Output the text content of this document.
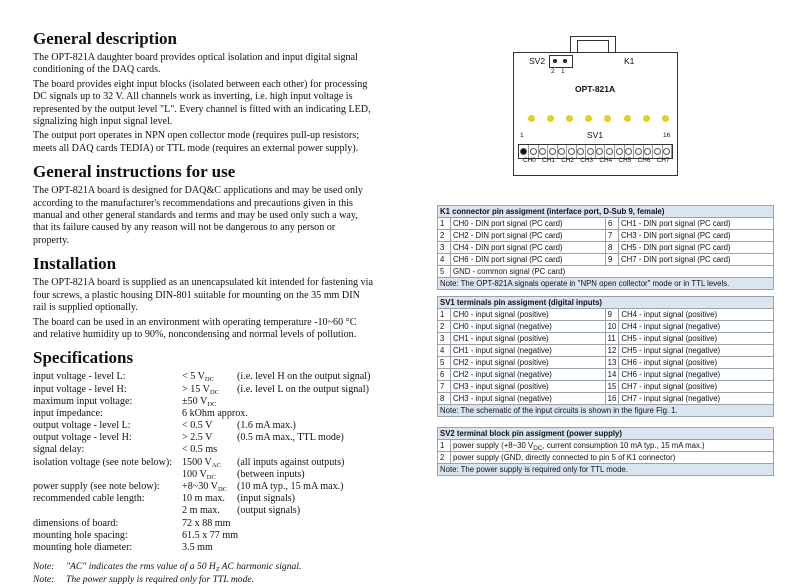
General description

The OPT-821A daughter board provides optical isolation and input digital signal conditioning of the DAQ cards.

The board provides eight input blocks (isolated between each other) for processing DC signals up to 32 V. All channels work as inverting, i.e. high input voltage is represented by the output level "L". Every channel is fitted with an indicating LED, signalizing high input signal level.

The output port operates in NPN open collector mode (requires pull-up resistors; meets all DAQ cards TEDIA) or TTL mode (requires an external power supply).

General instructions for use

The OPT-821A board is designed for DAQ&C applications and may be used only according to the manufacturer's recommendations and precautions given in this manual and other general standards and terms and may be used only such a way, that its failure caused by any reason will not be dangerous to any person or property.

Installation

The OPT-821A board is supplied as an unencapsulated kit intended for fastening via four screws, a plastic housing DIN-801 suitable for mounting on the 35 mm DIN rail is supplied optionally.

The board can be used in an environment with operating temperature -10~60 °C and relative humidity up to 90%, noncondensing and normal levels of pollution.

Specifications
input voltage - level L:	< 5 $V_{DC}$ (i.e. level H on the output signal)
input voltage - level H:	> 15 $V_{DC}$ (i.e. level L on the output signal)
maximum input voltage:	±50 $V_{DC}$
input impedance:	6 kOhm approx.
output voltage - level L:	< 0.5 V (1.6 mA max.)
output voltage - level H:	> 2.5 V (0.5 mA max., TTL mode)
signal delay:	< 0.5 ms
isolation voltage (see note below): 1500 $V_{AC}$ (all inputs against outputs)
100 $V_{DC}$ (between inputs)
power supply (see note below): +8~30 $V_{DC}$ (10 mA typ., 15 mA max.)
recommended cable length:	10 m max. (input signals)
2 m max. (output signals)
dimensions of board:	72 x 88 mm
mounting hole spacing:	61.5 x 77 mm
mounting hole diameter:	3.5 mm
Note: "AC" indicates the rms value of a 50 $H_Z$ AC harmonic signal.
Note: The power supply is required only for TTL mode.
SV2
2 1
K1
OPT-821A
1	SV1	16
CH0 CH1 CH2 CH3 CH4 CH5 CH6 CH7
K1 connector pin assigment (interface port, D-Sub 9, female)			
1	CH0 - DIN port signal (PC card)	6	CH1 - DIN port signal (PC card)
2	CH2 - DIN port signal (PC card)	7	CH3 - DIN port signal (PC card)
3	CH4 - DIN port signal (PC card)	8	CH5 - DIN port signal (PC card)
4	CH6 - DIN port signal (PC card)	9	CH7 - DIN port signal (PC card)
5	GND - common signal (PC card)		
Note: The OPT-821A signals operate in "NPN open collector" mode or in TTL levels.			
SV1 terminals pin assigment (digital inputs)			
1	CH0 - input signal (positive)	9	CH4 - input signal (positive)
2	CH0 - input signal (negative)	10	CH4 - input signal (negative)
3	CH1 - input signal (positive)	11	CH5 - input signal (positive)
4	CH1 - input signal (negative)	12	CH5 - input signal (negative)
5	CH2 - input signal (positive)	13	CH6 - input signal (positive)
6	CH2 - input signal (negative)	14	CH6 - input signal (negative)
7	CH3 - input signal (positive)	15	CH7 - input signal (positive)
8	CH3 - input signal (negative)	16	CH7 - input signal (negative)
Note: The schematic of the input circuits is shown in the figure Fig. 1.			
SV2 terminal block pin assigment (power supply)	
1	power supply (+8~30 $V_{DC}$, current consumption 10 mA typ., 15 mA max.)
2	power supply (GND, directly connected to pin 5 of K1 connector)
Note: The power supply is required only for TTL mode.	
